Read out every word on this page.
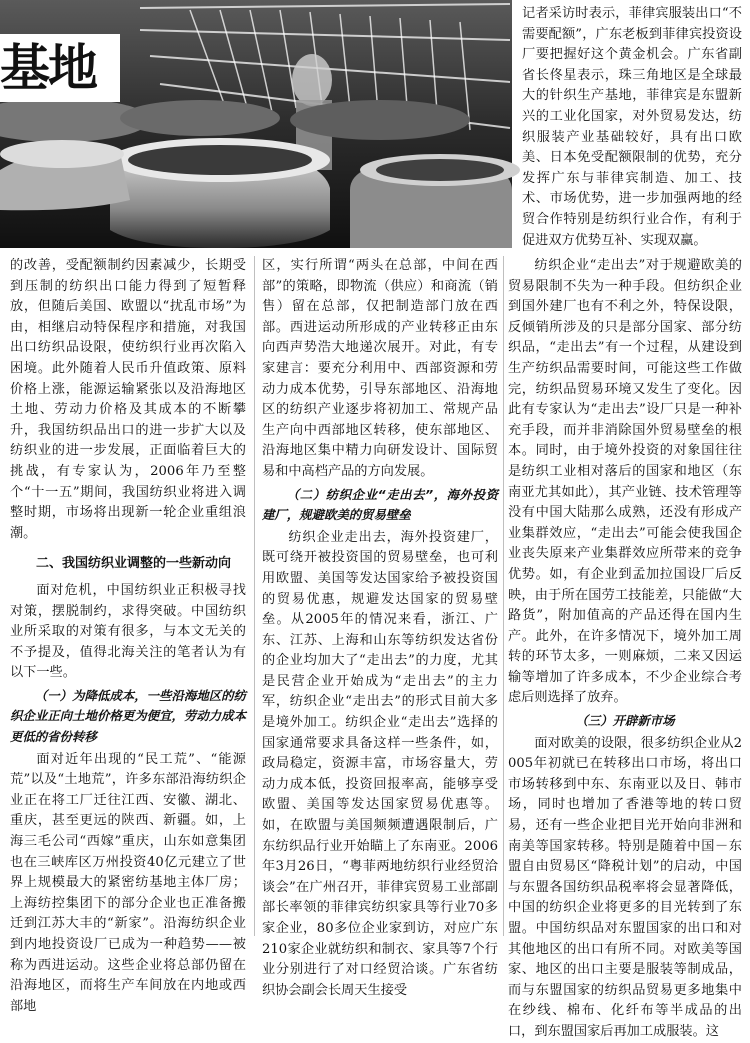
基地

记者采访时表示，菲律宾服装出口“不需要配额”，广东老板到菲律宾投资设厂要把握好这个黄金机会。广东省副省长佟星表示，珠三角地区是全球最大的针织生产基地，菲律宾是东盟新兴的工业化国家，对外贸易发达，纺织服装产业基础较好，具有出口欧美、日本免受配额限制的优势，充分发挥广东与菲律宾制造、加工、技术、市场优势，进一步加强两地的经贸合作特别是纺织行业合作，有利于促进双方优势互补、实现双赢。

的改善，受配额制约因素减少，长期受到压制的纺织出口能力得到了短暂释放，但随后美国、欧盟以“扰乱市场”为由，相继启动特保程序和措施，对我国出口纺织品设限，使纺织行业再次陷入困境。此外随着人民币升值政策、原料价格上涨，能源运输紧张以及沿海地区土地、劳动力价格及其成本的不断攀升，我国纺织品出口的进一步扩大以及纺织业的进一步发展，正面临着巨大的挑战，有专家认为，2006年乃至整个“十一五”期间，我国纺织业将进入调整时期，市场将出现新一轮企业重组浪潮。

二、我国纺织业调整的一些新动向

面对危机，中国纺织业正积极寻找对策，摆脱制约，求得突破。中国纺织业所采取的对策有很多，与本文无关的不予提及，值得北海关注的笔者认为有以下一些。

（一）为降低成本，一些沿海地区的纺织企业正向土地价格更为便宜，劳动力成本更低的省份转移

面对近年出现的“民工荒”、“能源荒”以及“土地荒”，许多东部沿海纺织企业正在将工厂迁往江西、安徽、湖北、重庆，甚至更远的陕西、新疆。如，上海三毛公司“西嫁”重庆，山东如意集团也在三峡库区万州投资40亿元建立了世界上规模最大的紧密纺基地主体厂房；上海纺控集团下的部分企业也正准备搬迁到江苏大丰的“新家”。沿海纺织企业到内地投资设厂已成为一种趋势——被称为西进运动。这些企业将总部仍留在沿海地区，而将生产车间放在内地或西部地

区，实行所谓“两头在总部，中间在西部”的策略，即物流（供应）和商流（销售）留在总部，仅把制造部门放在西部。西进运动所形成的产业转移正由东向西声势浩大地递次展开。对此，有专家建言：要充分利用中、西部资源和劳动力成本优势，引导东部地区、沿海地区的纺织产业逐步将初加工、常规产品生产向中西部地区转移，使东部地区、沿海地区集中精力向研发设计、国际贸易和中高档产品的方向发展。

（二）纺织企业“走出去”，海外投资建厂，规避欧美的贸易壁垒

纺织企业走出去，海外投资建厂，既可绕开被投资国的贸易壁垒，也可利用欧盟、美国等发达国家给予被投资国的贸易优惠，规避发达国家的贸易壁垒。从2005年的情况来看，浙江、广东、江苏、上海和山东等纺织发达省份的企业均加大了“走出去”的力度，尤其是民营企业开始成为“走出去”的主力军，纺织企业“走出去”的形式目前大多是境外加工。纺织企业“走出去”选择的国家通常要求具备这样一些条件，如，政局稳定，资源丰富，市场容量大，劳动力成本低，投资回报率高，能够享受欧盟、美国等发达国家贸易优惠等。如，在欧盟与美国频频遭遇限制后，广东纺织品行业开始瞄上了东南亚。2006年3月26日，“粤菲两地纺织行业经贸洽谈会”在广州召开，菲律宾贸易工业部副部长率领的菲律宾纺织家具等行业70多家企业，80多位企业家到访，对应广东210家企业就纺织和制衣、家具等7个行业分别进行了对口经贸洽谈。广东省纺织协会副会长周天生接受

纺织企业“走出去”对于规避欧美的贸易限制不失为一种手段。但纺织企业到国外建厂也有不利之外，特保设限，反倾销所涉及的只是部分国家、部分纺织品，“走出去”有一个过程，从建设到生产纺织品需要时间，可能这些工作做完，纺织品贸易环境又发生了变化。因此有专家认为“走出去”设厂只是一种补充手段，而并非消除国外贸易壁垒的根本。同时，由于境外投资的对象国往往是纺织工业相对落后的国家和地区（东南亚尤其如此），其产业链、技术管理等没有中国大陆那么成熟，还没有形成产业集群效应，“走出去”可能会使我国企业丧失原来产业集群效应所带来的竞争优势。如，有企业到孟加拉国设厂后反映，由于所在国劳工技能差，只能做“大路货”，附加值高的产品还得在国内生产。此外，在许多情况下，境外加工周转的环节太多，一则麻烦，二来又因运输等增加了许多成本，不少企业综合考虑后则选择了放弃。

（三）开辟新市场

面对欧美的设限，很多纺织企业从2005年初就已在转移出口市场，将出口市场转移到中东、东南亚以及日、韩市场，同时也增加了香港等地的转口贸易，还有一些企业把目光开始向非洲和南美等国家转移。特别是随着中国－东盟自由贸易区“降税计划”的启动，中国与东盟各国纺织品税率将会显著降低，中国的纺织企业将更多的目光转到了东盟。中国纺织品对东盟国家的出口和对其他地区的出口有所不同。对欧美等国家、地区的出口主要是服装等制成品，而与东盟国家的纺织品贸易更多地集中在纱线、棉布、化纤布等半成品的出口，到东盟国家后再加工成服装。这
